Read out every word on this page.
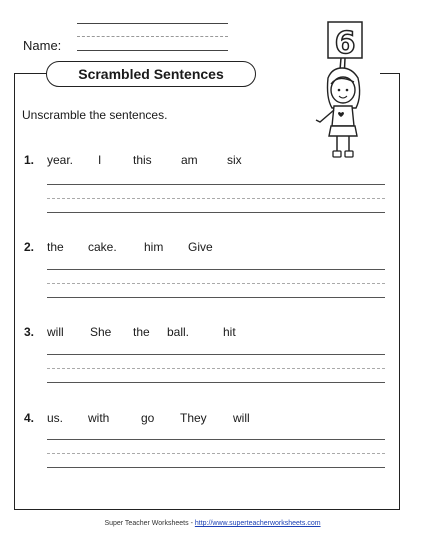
Name:
Scrambled Sentences
6
Unscramble the sentences.
1. year. I	this am six
2. the cake. him Give
3. will She the ball.	hit
4. us. with	go They will
Super Teacher Worksheets - http://www.superteacherworksheets.com
